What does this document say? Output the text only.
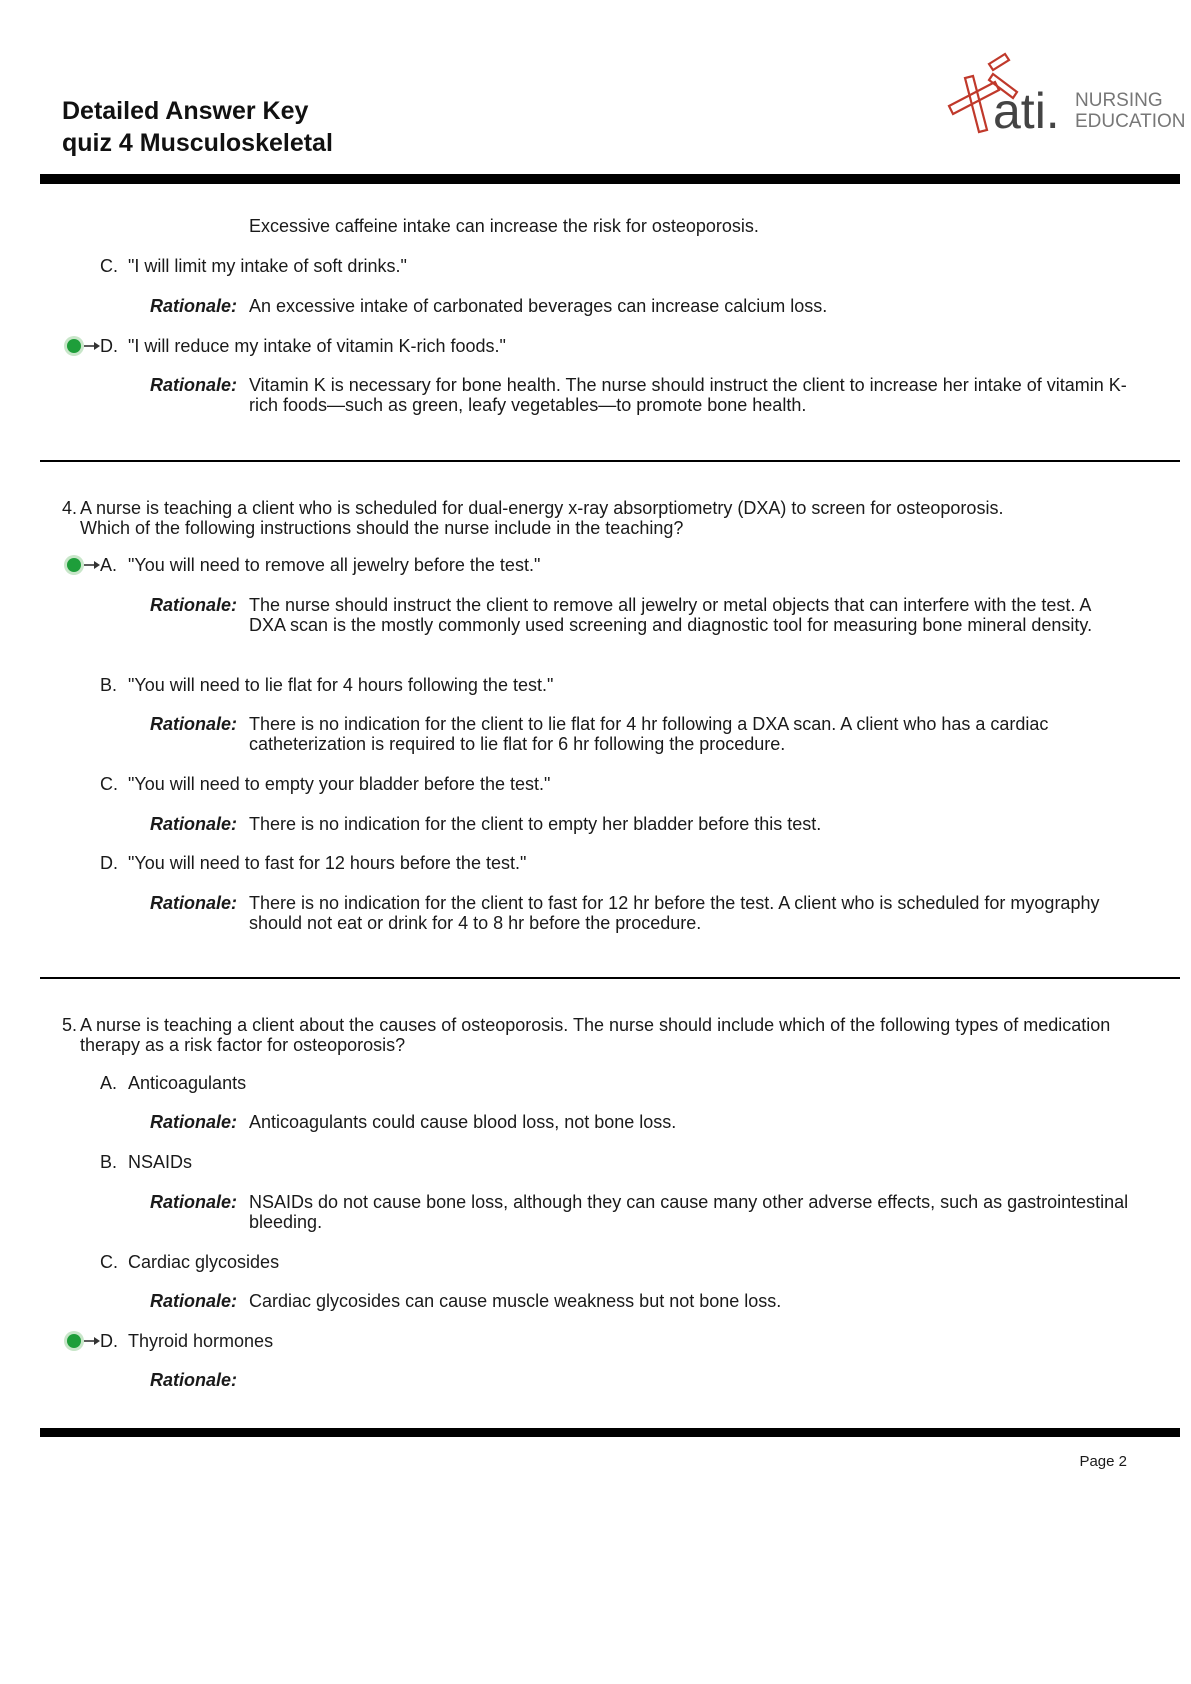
Detailed Answer Key
quiz 4 Musculoskeletal
ati. NURSING
EDUCATION
Excessive caffeine intake can increase the risk for osteoporosis.
C. "I will limit my intake of soft drinks."
Rationale: An excessive intake of carbonated beverages can increase calcium loss.
D. "I will reduce my intake of vitamin K-rich foods."
Rationale: Vitamin K is necessary for bone health. The nurse should instruct the client to increase her intake of vitamin K-rich foods—such as green, leafy vegetables—to promote bone health.
4. A nurse is teaching a client who is scheduled for dual-energy x-ray absorptiometry (DXA) to screen for osteoporosis. Which of the following instructions should the nurse include in the teaching?
A. "You will need to remove all jewelry before the test."
Rationale: The nurse should instruct the client to remove all jewelry or metal objects that can interfere with the test. A DXA scan is the mostly commonly used screening and diagnostic tool for measuring bone mineral density.
B. "You will need to lie flat for 4 hours following the test."
Rationale: There is no indication for the client to lie flat for 4 hr following a DXA scan. A client who has a cardiac catheterization is required to lie flat for 6 hr following the procedure.
C. "You will need to empty your bladder before the test."
Rationale: There is no indication for the client to empty her bladder before this test.
D. "You will need to fast for 12 hours before the test."
Rationale: There is no indication for the client to fast for 12 hr before the test. A client who is scheduled for myography should not eat or drink for 4 to 8 hr before the procedure.
5. A nurse is teaching a client about the causes of osteoporosis. The nurse should include which of the following types of medication therapy as a risk factor for osteoporosis?
A. Anticoagulants
Rationale: Anticoagulants could cause blood loss, not bone loss.
B. NSAIDs
Rationale: NSAIDs do not cause bone loss, although they can cause many other adverse effects, such as gastrointestinal bleeding.
C. Cardiac glycosides
Rationale: Cardiac glycosides can cause muscle weakness but not bone loss.
D. Thyroid hormones
Rationale:
Page 2
